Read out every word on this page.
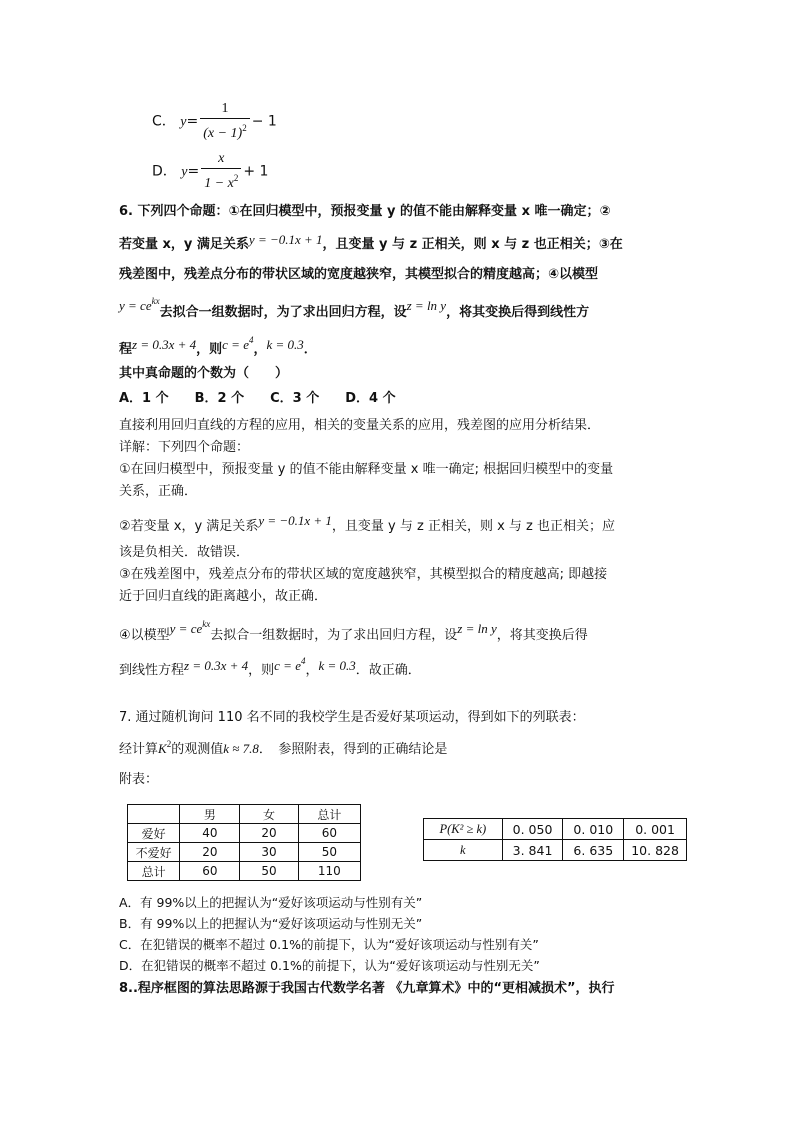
C． $y= \frac{1}{(x - 1)^2} - 1$
D． $y= \frac{x}{1 - x^2} + 1$
6. 下列四个命题：①在回归模型中，预报变量 y 的值不能由解释变量 x 唯一确定；②
若变量 x，y 满足关系y = −0.1x + 1，且变量 y 与 z 正相关，则 x 与 z 也正相关；③在
残差图中，残差点分布的带状区域的宽度越狭窄，其模型拟合的精度越高；④以模型
$y = ce^{kx}$去拟合一组数据时，为了求出回归方程，设z = ln y，将其变换后得到线性方
程z = 0.3x + 4，则$c = e^4$，k = 0.3．
其中真命题的个数为（　　）
A．1 个　　B．2 个　　C．3 个　　D．4 个
直接利用回归直线的方程的应用，相关的变量关系的应用，残差图的应用分析结果．
详解：下列四个命题：
①在回归模型中，预报变量 y 的值不能由解释变量 x 唯一确定; 根据回归模型中的变量
关系，正确．
②若变量 x，y 满足关系y = −0.1x + 1，且变量 y 与 z 正相关，则 x 与 z 也正相关；应
该是负相关．故错误．
③在残差图中，残差点分布的带状区域的宽度越狭窄，其模型拟合的精度越高; 即越接
近于回归直线的距离越小，故正确．
④以模型$y = ce^{kx}$去拟合一组数据时，为了求出回归方程，设z = ln y，将其变换后得
到线性方程z = 0.3x + 4，则$c = e^4$，k = 0.3．故正确．
7. 通过随机询问 110 名不同的我校学生是否爱好某项运动，得到如下的列联表：
经计算$K^2$的观测值k ≈ 7.8．　参照附表，得到的正确结论是
附表：
	男	女	总计
爱好	40	20	60
不爱好	20	30	50
总计	60	50	110
P(K² ≥ k)	0. 050	0. 010	0. 001
k	3. 841	6. 635	10. 828
A．有 99%以上的把握认为“爱好该项运动与性别有关”
B．有 99%以上的把握认为“爱好该项运动与性别无关”
C．在犯错误的概率不超过 0.1%的前提下，认为“爱好该项运动与性别有关”
D．在犯错误的概率不超过 0.1%的前提下，认为“爱好该项运动与性别无关”
8..程序框图的算法思路源于我国古代数学名著 《九章算术》中的“更相减损术”，执行
